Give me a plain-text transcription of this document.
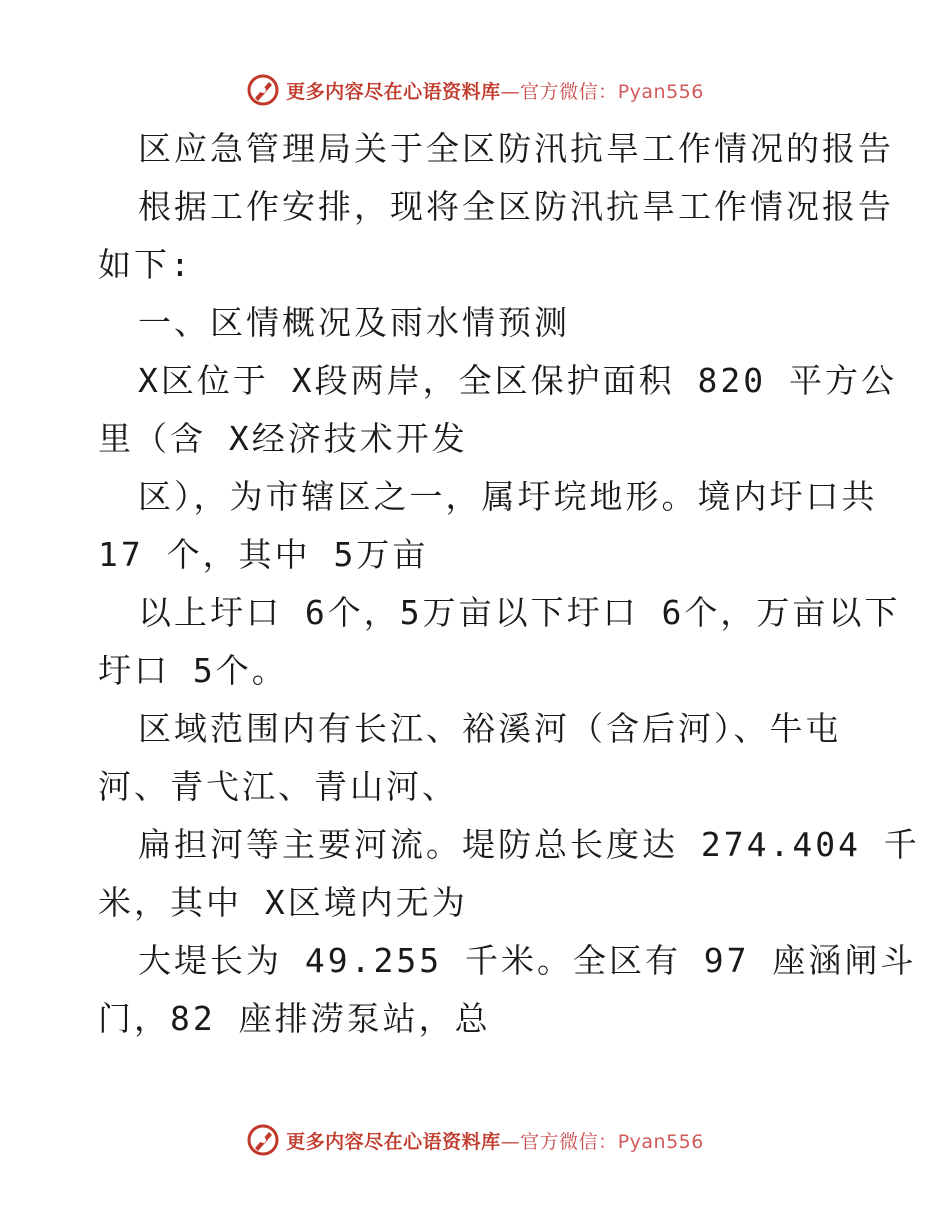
更多内容尽在心语资料库—官方微信：Pyan556
区应急管理局关于全区防汛抗旱工作情况的报告
根据工作安排，现将全区防汛抗旱工作情况报告
如下:
一、区情概况及雨水情预测
X区位于 X段两岸，全区保护面积 820 平方公
里（含 X经济技术开发
区），为市辖区之一，属圩垸地形。境内圩口共
17 个，其中 5万亩
以上圩口 6个，5万亩以下圩口 6个，万亩以下
圩口 5个。
区域范围内有长江、裕溪河（含后河）、牛屯
河、青弋江、青山河、
扁担河等主要河流。堤防总长度达 274.404 千
米，其中 X区境内无为
大堤长为 49.255 千米。全区有 97 座涵闸斗
门，82 座排涝泵站，总
更多内容尽在心语资料库—官方微信：Pyan556
